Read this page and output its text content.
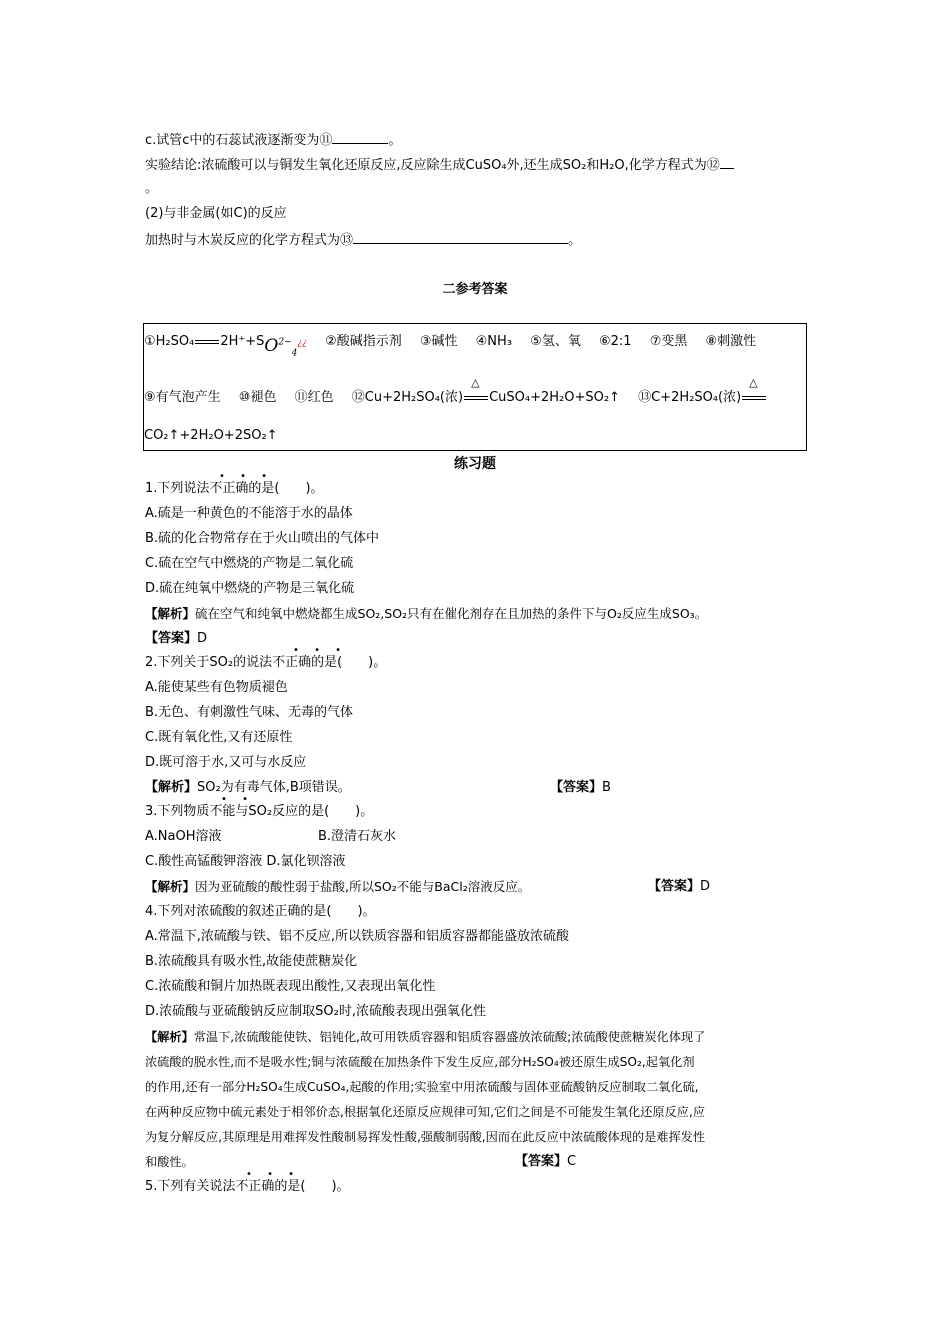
c.试管c中的石蕊试液逐渐变为⑪	。
实验结论:浓硫酸可以与铜发生氧化还原反应,反应除生成CuSO₄外,还生成SO₂和H₂O,化学方程式为⑫
。
(2)与非金属(如C)的反应
加热时与木炭反应的化学方程式为⑬	。
二参考答案
①H₂SO₄ $2H^++SO^{2-}_4¿¿$ ②酸碱指示剂 ③碱性 ④NH₃ ⑤氢、氧 ⑥2:1 ⑦变黑 ⑧刺激性
⑨有气泡产生 ⑩褪色 ⑪红色 ⑫Cu+2H₂SO₄(浓)
△
CuSO₄+2H₂O+SO₂↑ ⑬C+2H₂SO₄(浓)
△
CO₂↑+2H₂O+2SO₂↑
练习题
• • •
1.下列说法不正确的是(　　)。
A.硫是一种黄色的不能溶于水的晶体
B.硫的化合物常存在于火山喷出的气体中
C.硫在空气中燃烧的产物是二氧化硫
D.硫在纯氧中燃烧的产物是三氧化硫
【解析】硫在空气和纯氧中燃烧都生成SO₂,SO₂只有在催化剂存在且加热的条件下与O₂反应生成SO₃。
【答案】D
• • •
2.下列关于SO₂的说法不正确的是(　　)。
A.能使某些有色物质褪色
B.无色、有刺激性气味、无毒的气体
C.既有氧化性,又有还原性
D.既可溶于水,又可与水反应
【解析】SO₂为有毒气体,B项错误。	【答案】B
• •
3.下列物质不能与SO₂反应的是(　　)。
A.NaOH溶液	B.澄清石灰水
C.酸性高锰酸钾溶液 D.氯化钡溶液
【解析】因为亚硫酸的酸性弱于盐酸,所以SO₂不能与BaCl₂溶液反应。	【答案】D
4.下列对浓硫酸的叙述正确的是(　　)。
A.常温下,浓硫酸与铁、铝不反应,所以铁质容器和铝质容器都能盛放浓硫酸
B.浓硫酸具有吸水性,故能使蔗糖炭化
C.浓硫酸和铜片加热既表现出酸性,又表现出氧化性
D.浓硫酸与亚硫酸钠反应制取SO₂时,浓硫酸表现出强氧化性
【解析】常温下,浓硫酸能使铁、铝钝化,故可用铁质容器和铝质容器盛放浓硫酸;浓硫酸使蔗糖炭化体现了
浓硫酸的脱水性,而不是吸水性;铜与浓硫酸在加热条件下发生反应,部分H₂SO₄被还原生成SO₂,起氧化剂
的作用,还有一部分H₂SO₄生成CuSO₄,起酸的作用;实验室中用浓硫酸与固体亚硫酸钠反应制取二氧化硫,
在两种反应物中硫元素处于相邻价态,根据氧化还原反应规律可知,它们之间是不可能发生氧化还原反应,应
为复分解反应,其原理是用难挥发性酸制易挥发性酸,强酸制弱酸,因而在此反应中浓硫酸体现的是难挥发性
和酸性。	【答案】C
• • •
5.下列有关说法不正确的是(　　)。
